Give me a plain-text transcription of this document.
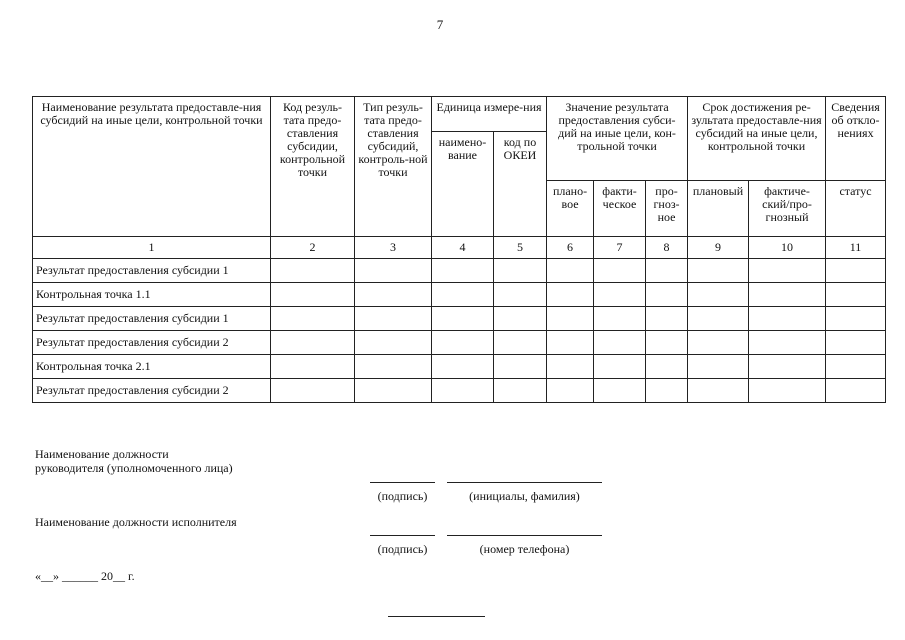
7
Наименование результата предоставле-ния субсидий на иные цели, контрольной точки	Код резуль-тата предо-ставления субсидии, контрольной точки	Тип резуль-тата предо-ставления субсидий, контроль-ной точки	Единица измере-ния		Значение результата предоставления субси-дий на иные цели, кон-трольной точки			Срок достижения ре-зультата предоставле-ния субсидий на иные цели, контрольной точки		Сведения об откло-нениях
			наимено-вание	код по ОКЕИ						
					плано-вое	факти-ческое	про-гноз-ное	плановый	фактиче-ский/про-гнозный	статус
1	2	3	4	5	6	7	8	9	10	11
Результат предоставления субсидии 1										
Контрольная точка 1.1										
Результат предоставления субсидии 1										
Результат предоставления субсидии 2										
Контрольная точка 2.1										
Результат предоставления субсидии 2										
Наименование должности
руководителя (уполномоченного лица)
(подпись)	(инициалы, фамилия)
Наименование должности исполнителя
(подпись)	(номер телефона)
«__» ______ 20__ г.
